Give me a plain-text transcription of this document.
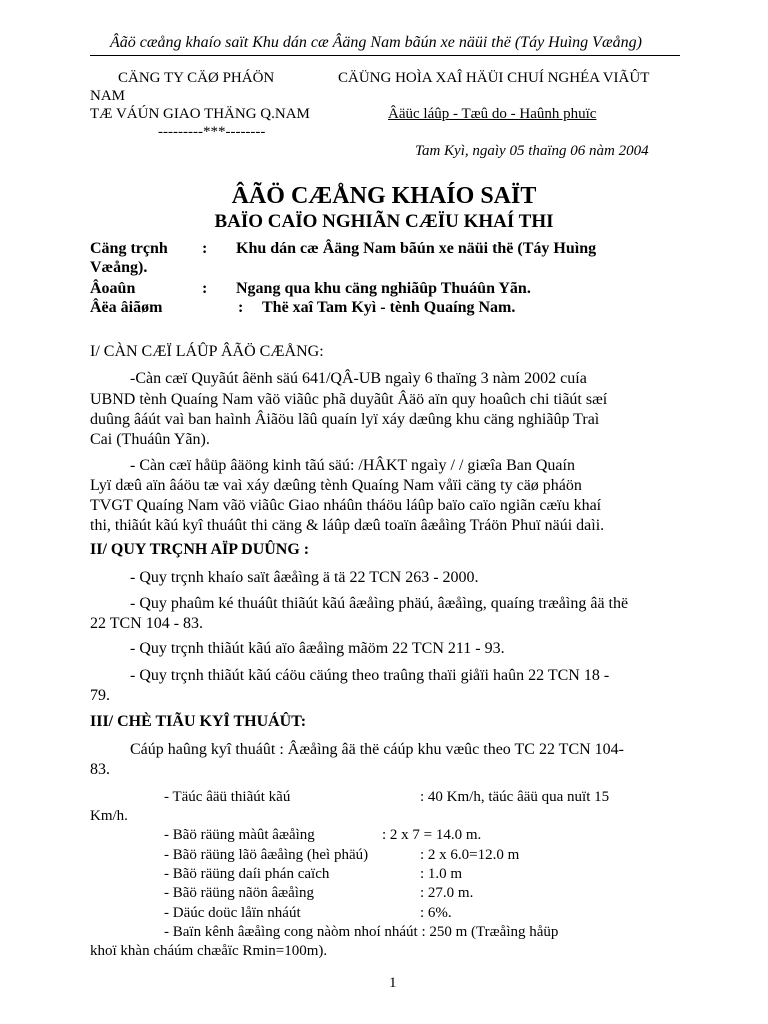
Âãö cæång khaío saït Khu dán cæ Âäng Nam bãún xe näüi thë (Táy Huìng Væång)
CÄNG TY CÄØ PHÁÖN	CÄÜNG HOÌA XAÎ HÄÜI CHUÍ NGHÉA VIÃÛT
NAM
TÆ VÁÚN GIAO THÄNG Q.NAM	Âäüc láûp - Tæû do - Haûnh phuïc
---------***--------
Tam Kyì, ngaìy 05 thaïng 06 nàm 2004
ÂÃÖ CÆÅNG KHAÍO SAÏT
BAÏO CAÏO NGHIÃN CÆÏU KHAÍ THI
Cäng trçnh : Khu dán cæ Âäng Nam bãún xe näüi thë (Táy Huìng
Væång).
Âoaûn	: Ngang qua khu cäng nghiãûp Thuáûn Yãn.
Âëa âiãøm	: Thë xaî Tam Kyì - tènh Quaíng Nam.
I/ CÀN CÆÏ LÁÛP ÂÃÖ CÆÅNG:
-Càn cæï Quyãút âënh säú 641/QÂ-UB ngaìy 6 thaïng 3 nàm 2002 cuía
UBND tènh Quaíng Nam vãö viãûc phã duyãût Âäö aïn quy hoaûch chi tiãút sæí
duûng âáút vaì ban haình Âiãöu lãû quaín lyï xáy dæûng khu cäng nghiãûp Traì
Cai (Thuáûn Yãn).
- Càn cæï håüp âäöng kinh tãú säú: /HÂKT ngaìy / / giæîa Ban Quaín
Lyï dæû aïn âáöu tæ vaì xáy dæûng tènh Quaíng Nam våïi cäng ty cäø pháön
TVGT Quaíng Nam vãö viãûc Giao nháûn tháöu láûp baïo caïo ngiãn cæïu khaí
thi, thiãút kãú kyî thuáût thi cäng & láûp dæû toaïn âæåìng Tráön Phuï näúi daìi.
II/ QUY TRÇNH AÏP DUÛNG :
- Quy trçnh khaío saït âæåìng ä tä 22 TCN 263 - 2000.
- Quy phaûm ké thuáût thiãút kãú âæåìng phäú, âæåìng, quaíng træåìng âä thë
22 TCN 104 - 83.
- Quy trçnh thiãút kãú aïo âæåìng mãöm 22 TCN 211 - 93.
- Quy trçnh thiãút kãú cáöu cäúng theo traûng thaïi giåïi haûn 22 TCN 18 -
79.
III/ CHÈ TIÃU KYÎ THUÁÛT:
Cáúp haûng kyî thuáût : Âæåìng âä thë cáúp khu væûc theo TC 22 TCN 104-
83.
- Täúc âäü thiãút kãú	: 40 Km/h, täúc âäü qua nuït 15
Km/h.
- Bãö räüng màût âæåìng	: 2 x 7 = 14.0 m.
- Bãö räüng lãö âæåìng (heì phäú)	: 2 x 6.0=12.0 m
- Bãö räüng daíi phán caïch	: 1.0 m
- Bãö räüng nãön âæåìng	: 27.0 m.
- Däúc doüc låïn nháút	: 6%.
- Baïn kênh âæåìng cong nàòm nhoí nháút : 250 m (Træåìng håüp
khoï khàn cháúm chæåïc Rmin=100m).
1
